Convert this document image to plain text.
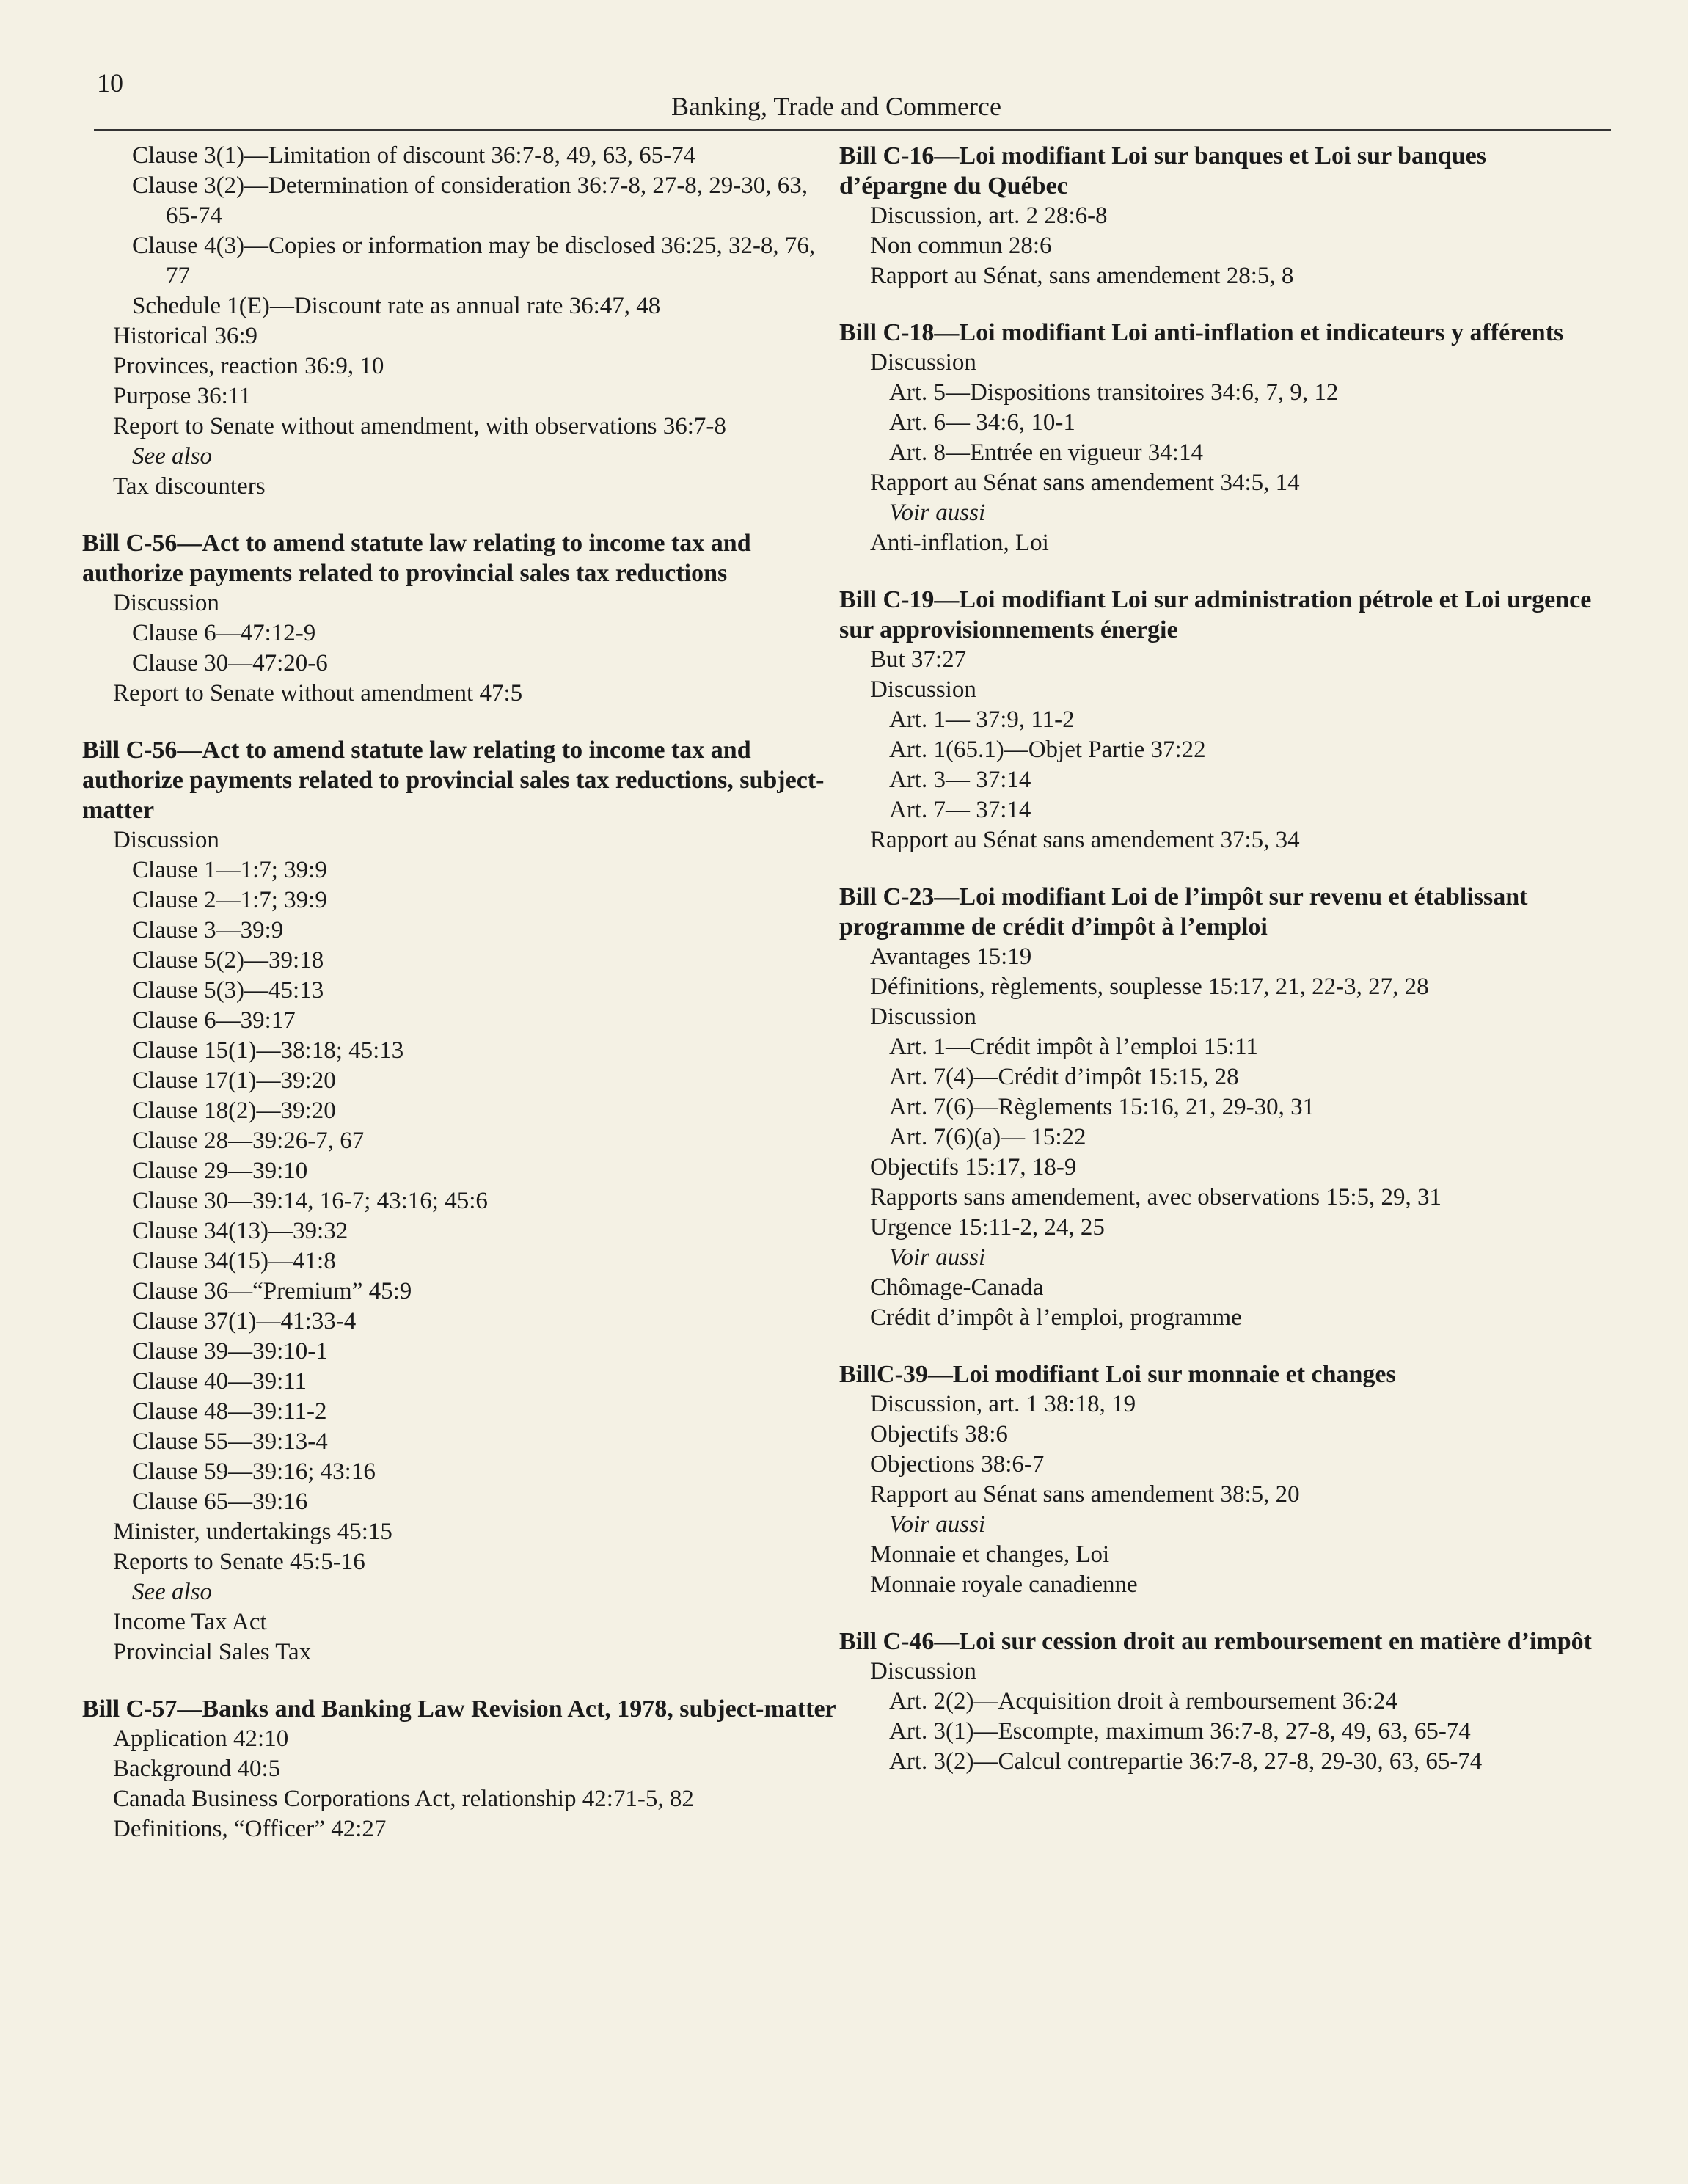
10
Banking, Trade and Commerce
Clause 3(1)—Limitation of discount 36:7-8, 49, 63, 65-74
Clause 3(2)—Determination of consideration 36:7-8, 27-8, 29-30, 63, 65-74
Clause 4(3)—Copies or information may be disclosed 36:25, 32-8, 76, 77
Schedule 1(E)—Discount rate as annual rate 36:47, 48
Historical 36:9
Provinces, reaction 36:9, 10
Purpose 36:11
Report to Senate without amendment, with observations 36:7-8
See also
Tax discounters
Bill C-56—Act to amend statute law relating to income tax and authorize payments related to provincial sales tax reductions
Discussion
Clause 6—47:12-9
Clause 30—47:20-6
Report to Senate without amendment 47:5
Bill C-56—Act to amend statute law relating to income tax and authorize payments related to provincial sales tax reductions, subject-matter
Discussion
Clause 1—1:7; 39:9
Clause 2—1:7; 39:9
Clause 3—39:9
Clause 5(2)—39:18
Clause 5(3)—45:13
Clause 6—39:17
Clause 15(1)—38:18; 45:13
Clause 17(1)—39:20
Clause 18(2)—39:20
Clause 28—39:26-7, 67
Clause 29—39:10
Clause 30—39:14, 16-7; 43:16; 45:6
Clause 34(13)—39:32
Clause 34(15)—41:8
Clause 36—“Premium” 45:9
Clause 37(1)—41:33-4
Clause 39—39:10-1
Clause 40—39:11
Clause 48—39:11-2
Clause 55—39:13-4
Clause 59—39:16; 43:16
Clause 65—39:16
Minister, undertakings 45:15
Reports to Senate 45:5-16
See also
Income Tax Act
Provincial Sales Tax
Bill C-57—Banks and Banking Law Revision Act, 1978, subject-matter
Application 42:10
Background 40:5
Canada Business Corporations Act, relationship 42:71-5, 82
Definitions, “Officer” 42:27
Bill C-16—Loi modifiant Loi sur banques et Loi sur banques d’épargne du Québec
Discussion, art. 2 28:6-8
Non commun 28:6
Rapport au Sénat, sans amendement 28:5, 8
Bill C-18—Loi modifiant Loi anti-inflation et indicateurs y afférents
Discussion
Art. 5—Dispositions transitoires 34:6, 7, 9, 12
Art. 6— 34:6, 10-1
Art. 8—Entrée en vigueur 34:14
Rapport au Sénat sans amendement 34:5, 14
Voir aussi
Anti-inflation, Loi
Bill C-19—Loi modifiant Loi sur administration pétrole et Loi urgence sur approvisionnements énergie
But 37:27
Discussion
Art. 1— 37:9, 11-2
Art. 1(65.1)—Objet Partie 37:22
Art. 3— 37:14
Art. 7— 37:14
Rapport au Sénat sans amendement 37:5, 34
Bill C-23—Loi modifiant Loi de l’impôt sur revenu et établissant programme de crédit d’impôt à l’emploi
Avantages 15:19
Définitions, règlements, souplesse 15:17, 21, 22-3, 27, 28
Discussion
Art. 1—Crédit impôt à l’emploi 15:11
Art. 7(4)—Crédit d’impôt 15:15, 28
Art. 7(6)—Règlements 15:16, 21, 29-30, 31
Art. 7(6)(a)— 15:22
Objectifs 15:17, 18-9
Rapports sans amendement, avec observations 15:5, 29, 31
Urgence 15:11-2, 24, 25
Voir aussi
Chômage-Canada
Crédit d’impôt à l’emploi, programme
BillC-39—Loi modifiant Loi sur monnaie et changes
Discussion, art. 1 38:18, 19
Objectifs 38:6
Objections 38:6-7
Rapport au Sénat sans amendement 38:5, 20
Voir aussi
Monnaie et changes, Loi
Monnaie royale canadienne
Bill C-46—Loi sur cession droit au remboursement en matière d’impôt
Discussion
Art. 2(2)—Acquisition droit à remboursement 36:24
Art. 3(1)—Escompte, maximum 36:7-8, 27-8, 49, 63, 65-74
Art. 3(2)—Calcul contrepartie 36:7-8, 27-8, 29-30, 63, 65-74
